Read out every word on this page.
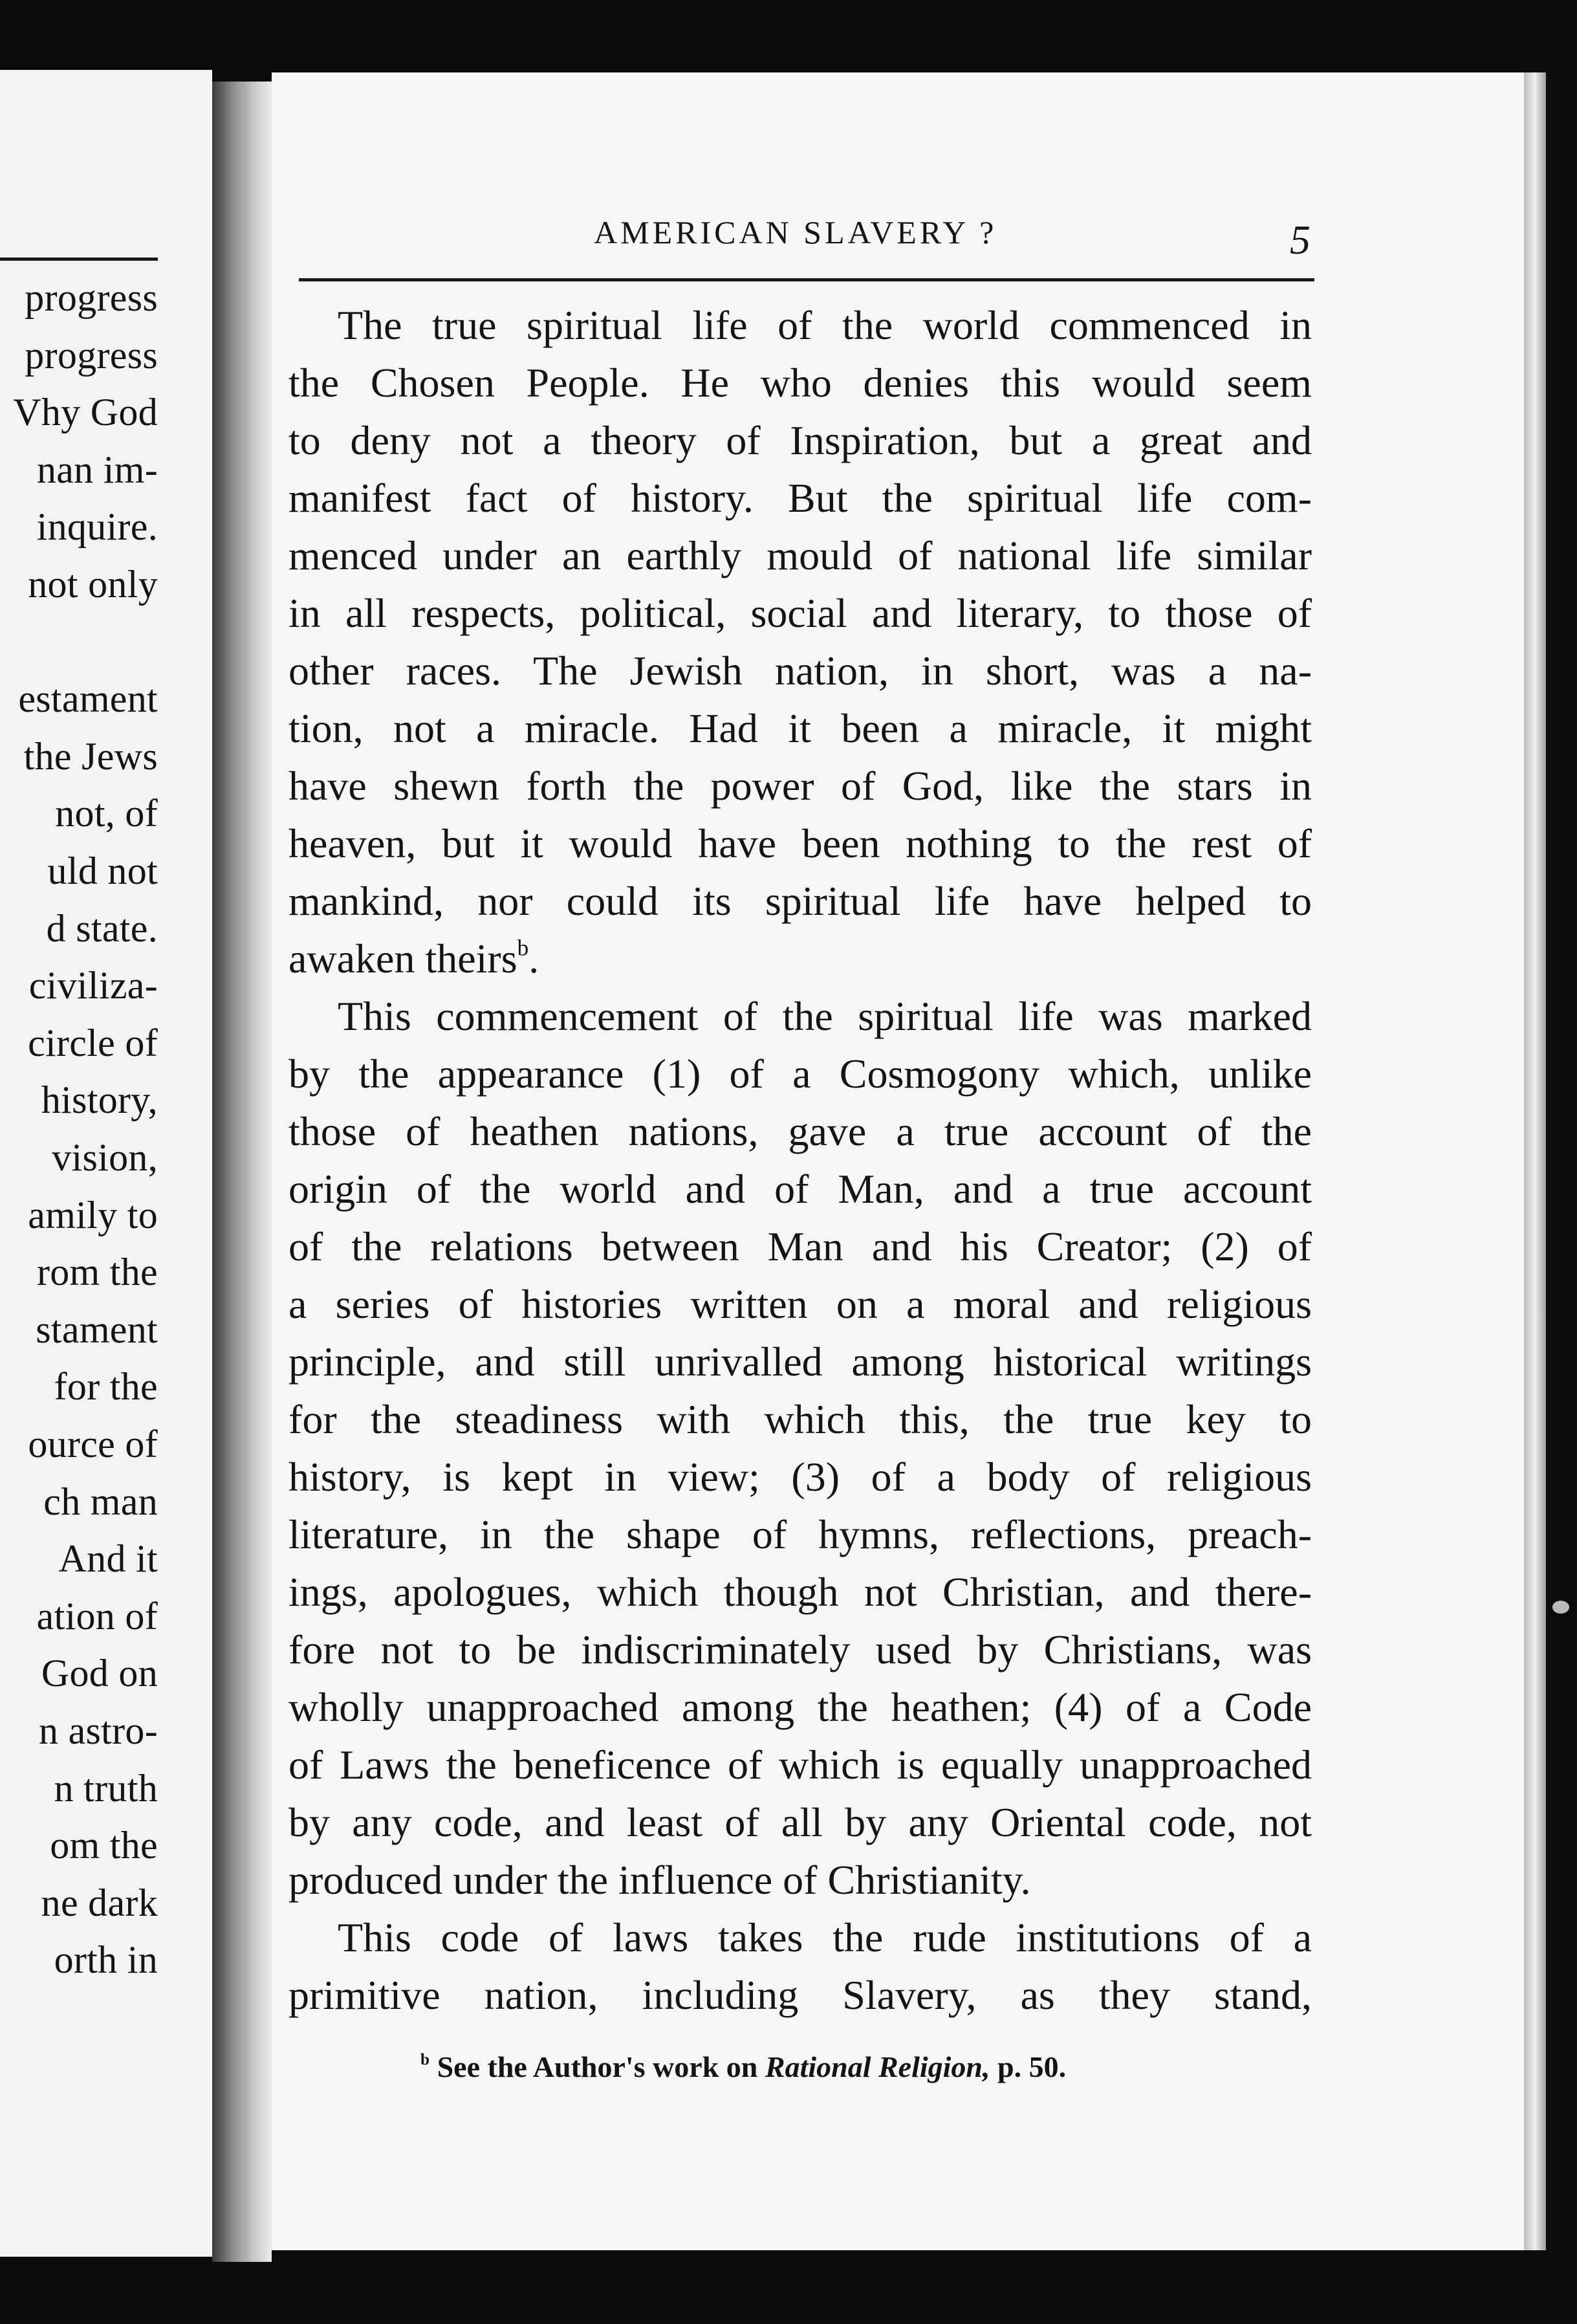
progress
progress
Vhy God
nan im-
inquire.
not only
estament
the Jews
not, of
uld not
d state.
civiliza-
circle of
history,
vision,
amily to
rom the
stament
for the
ource of
ch man
And it
ation of
God on
n astro-
n truth
om the
ne dark
orth in
AMERICAN SLAVERY ?	5
The true spiritual life of the world commenced in
the Chosen People. He who denies this would seem
to deny not a theory of Inspiration, but a great and
manifest fact of history. But the spiritual life com-
menced under an earthly mould of national life similar
in all respects, political, social and literary, to those of
other races. The Jewish nation, in short, was a na-
tion, not a miracle. Had it been a miracle, it might
have shewn forth the power of God, like the stars in
heaven, but it would have been nothing to the rest of
mankind, nor could its spiritual life have helped to
awaken theirs$^b$.
This commencement of the spiritual life was marked
by the appearance (1) of a Cosmogony which, unlike
those of heathen nations, gave a true account of the
origin of the world and of Man, and a true account
of the relations between Man and his Creator; (2) of
a series of histories written on a moral and religious
principle, and still unrivalled among historical writings
for the steadiness with which this, the true key to
history, is kept in view; (3) of a body of religious
literature, in the shape of hymns, reflections, preach-
ings, apologues, which though not Christian, and there-
fore not to be indiscriminately used by Christians, was
wholly unapproached among the heathen; (4) of a Code
of Laws the beneficence of which is equally unapproached
by any code, and least of all by any Oriental code, not
produced under the influence of Christianity.
This code of laws takes the rude institutions of a
primitive nation, including Slavery, as they stand,
$^b$ See the Author's work on Rational Religion, p. 50.
